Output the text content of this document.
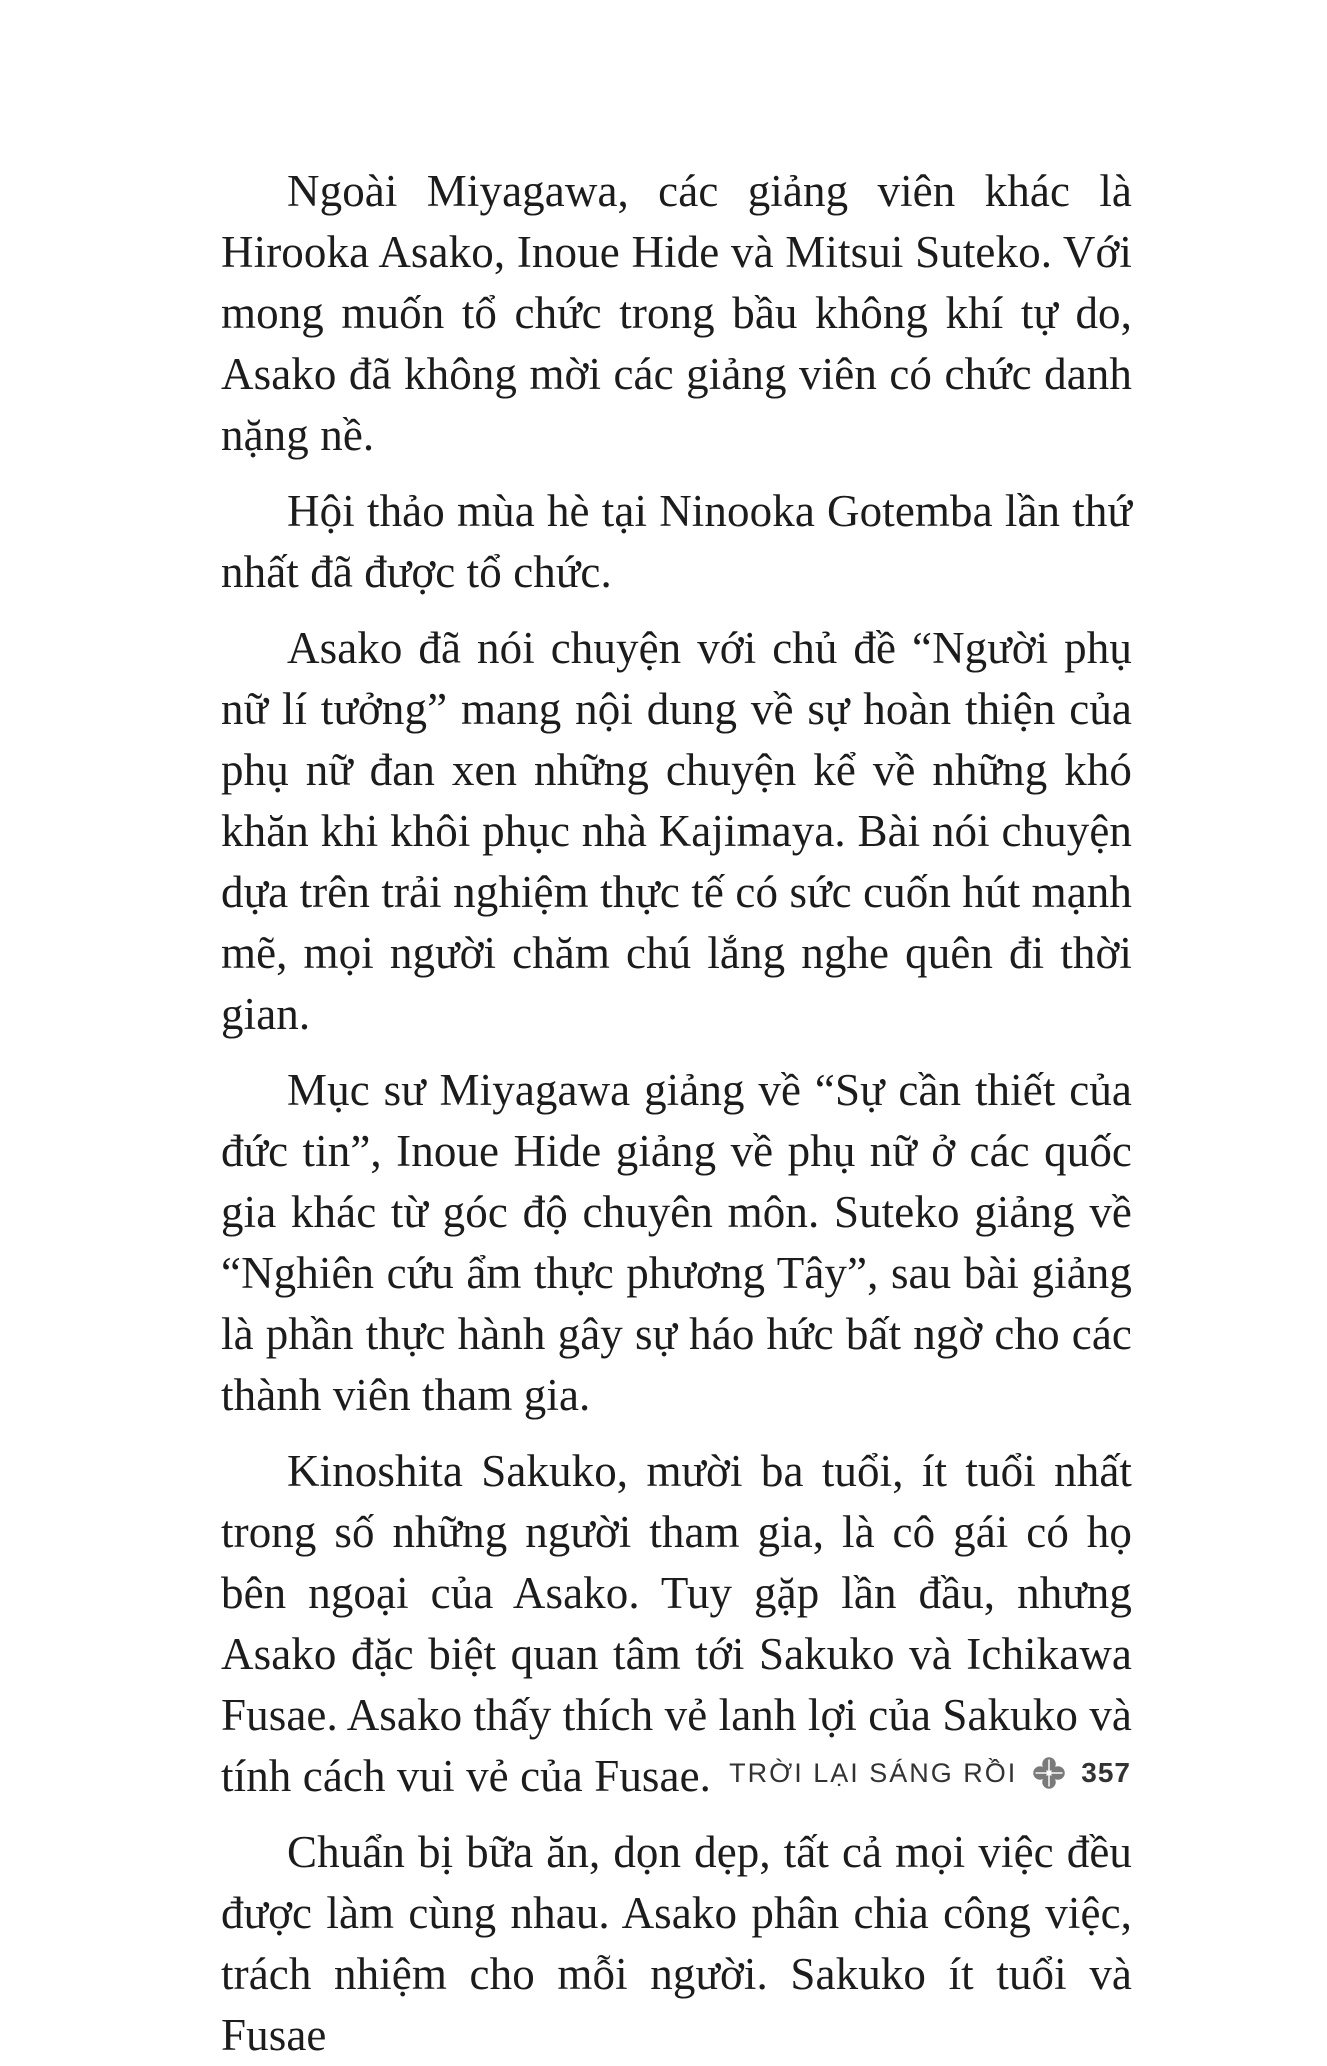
Ngoài Miyagawa, các giảng viên khác là Hirooka Asako, Inoue Hide và Mitsui Suteko. Với mong muốn tổ chức trong bầu không khí tự do, Asako đã không mời các giảng viên có chức danh nặng nề.

Hội thảo mùa hè tại Ninooka Gotemba lần thứ nhất đã được tổ chức.

Asako đã nói chuyện với chủ đề “Người phụ nữ lí tưởng” mang nội dung về sự hoàn thiện của phụ nữ đan xen những chuyện kể về những khó khăn khi khôi phục nhà Kajimaya. Bài nói chuyện dựa trên trải nghiệm thực tế có sức cuốn hút mạnh mẽ, mọi người chăm chú lắng nghe quên đi thời gian.

Mục sư Miyagawa giảng về “Sự cần thiết của đức tin”, Inoue Hide giảng về phụ nữ ở các quốc gia khác từ góc độ chuyên môn. Suteko giảng về “Nghiên cứu ẩm thực phương Tây”, sau bài giảng là phần thực hành gây sự háo hức bất ngờ cho các thành viên tham gia.

Kinoshita Sakuko, mười ba tuổi, ít tuổi nhất trong số những người tham gia, là cô gái có họ bên ngoại của Asako. Tuy gặp lần đầu, nhưng Asako đặc biệt quan tâm tới Sakuko và Ichikawa Fusae. Asako thấy thích vẻ lanh lợi của Sakuko và tính cách vui vẻ của Fusae.

Chuẩn bị bữa ăn, dọn dẹp, tất cả mọi việc đều được làm cùng nhau. Asako phân chia công việc, trách nhiệm cho mỗi người. Sakuko ít tuổi và Fusae

TRỜI LẠI SÁNG RỒI 357
